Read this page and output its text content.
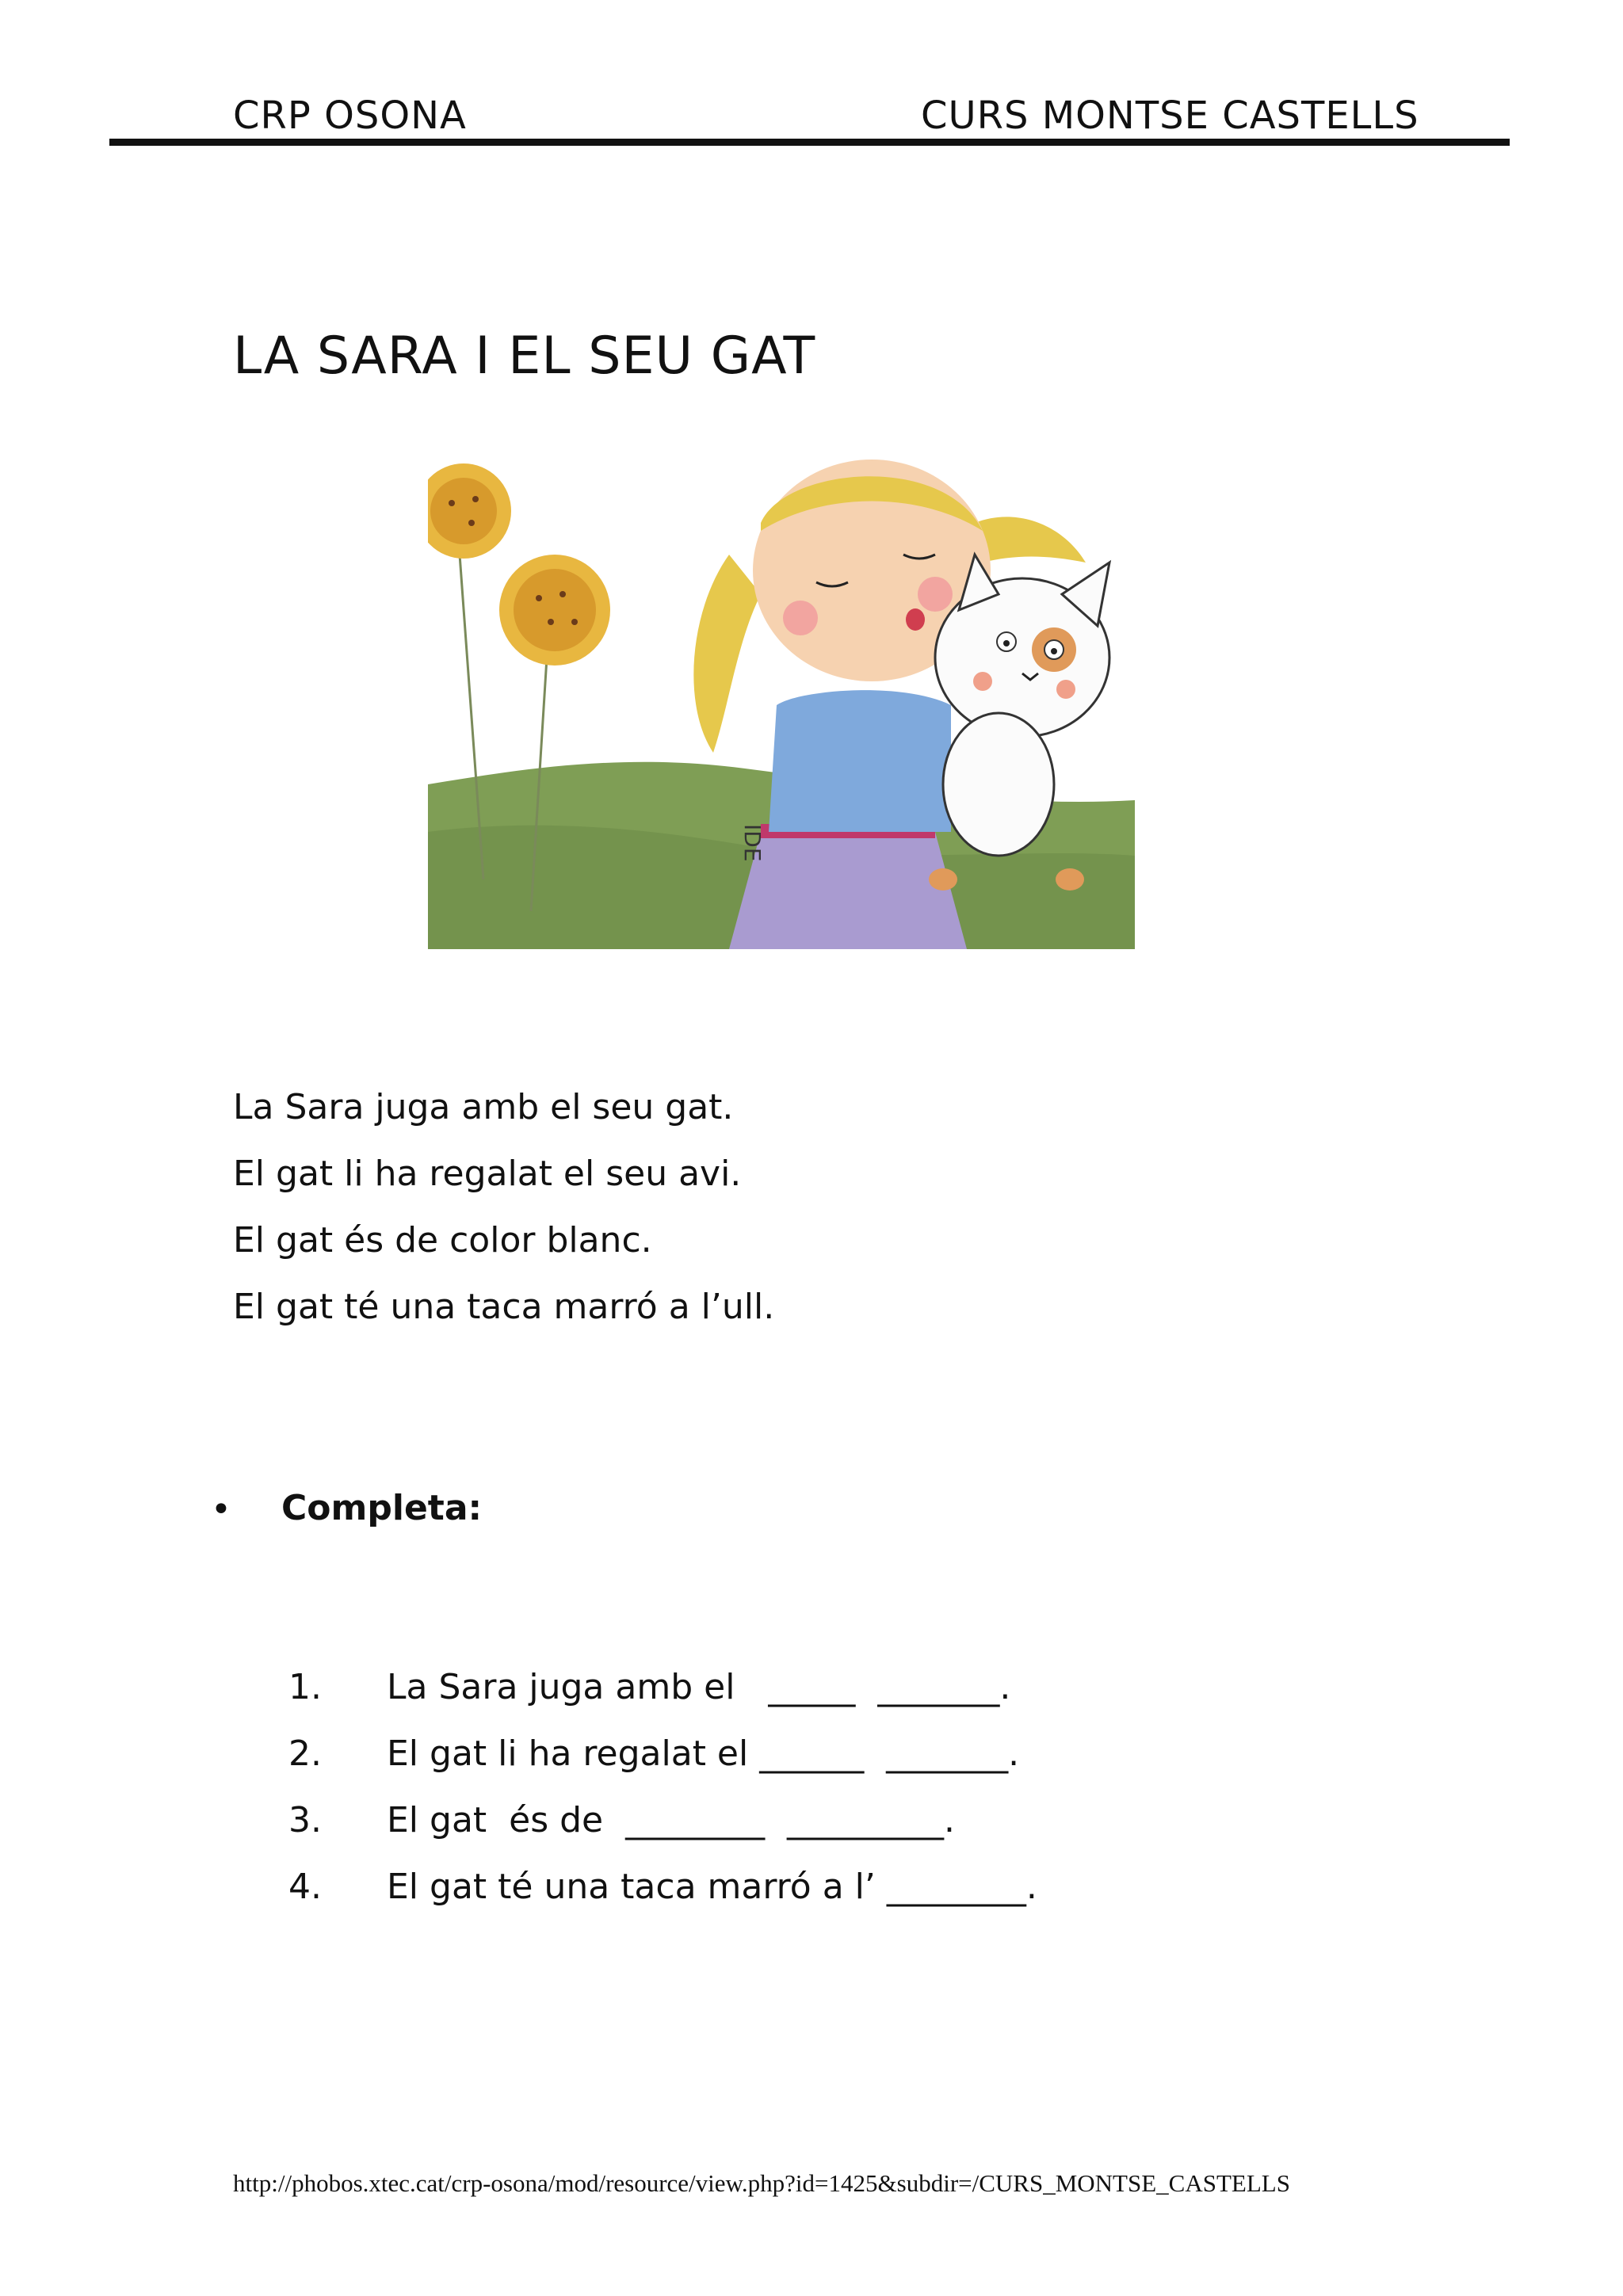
CRP OSONA	CURS MONTSE CASTELLS
LA SARA I EL SEU GAT
IDE
La Sara juga amb el seu gat.
El gat li ha regalat el seu avi.
El gat és de color blanc.
El gat té una taca marró a l’ull.
• Completa:
1. La Sara juga amb el   _____  _______.
2. El gat li ha regalat el ______  _______.
3. El gat  és de  ________  _________.
4. El gat té una taca marró a l’ ________.
http://phobos.xtec.cat/crp-osona/mod/resource/view.php?id=1425&subdir=/CURS_MONTSE_CASTELLS
